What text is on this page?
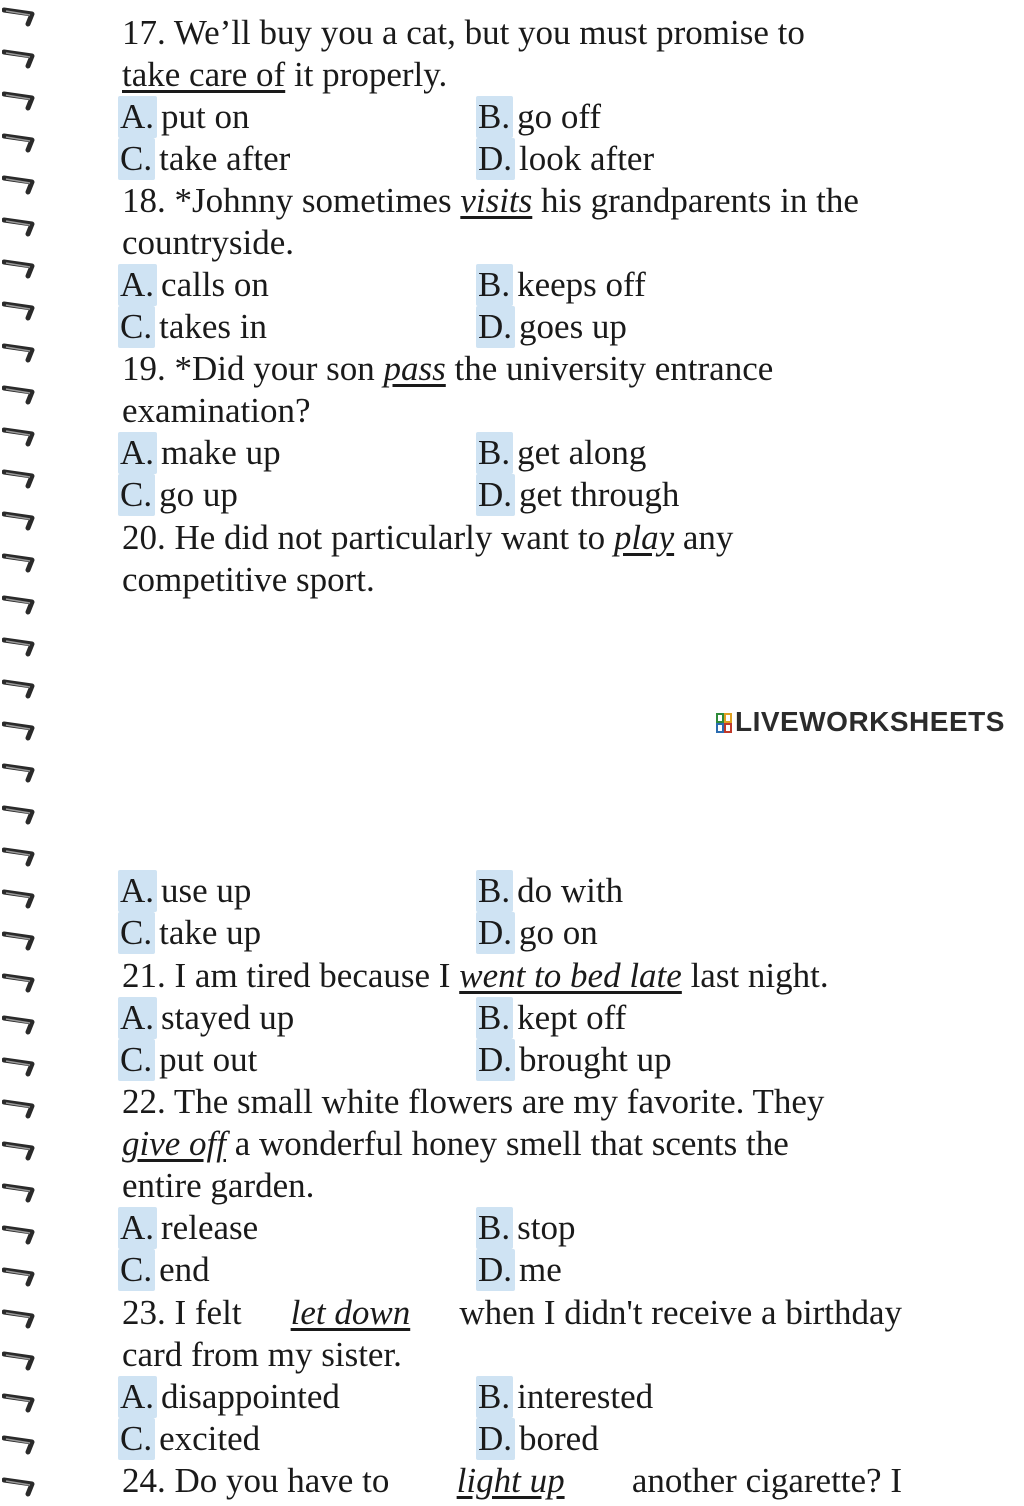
17. We’ll buy you a cat, but you must promise to
take care of it properly.
A. put on	B. go off
C. take after	D. look after
18. *Johnny sometimes visits his grandparents in the
countryside.
A. calls on	B. keeps off
C. takes in	D. goes up
19. *Did your son pass the university entrance
examination?
A. make up	B. get along
C. go up	D. get through
20. He did not particularly want to play any
competitive sport.
LIVEWORKSHEETS
A. use up	B. do with
C. take up	D. go on
21. I am tired because I went to bed late last night.
A. stayed up	B. kept off
C. put out	D. brought up
22. The small white flowers are my favorite. They
give off a wonderful honey smell that scents the
entire garden.
A. release	B. stop
C. end	D. me
23. I felt let down when I didn't receive a birthday
card from my sister.
A. disappointed	B. interested
C. excited	D. bored
24. Do you have to light up another cigarette? I
